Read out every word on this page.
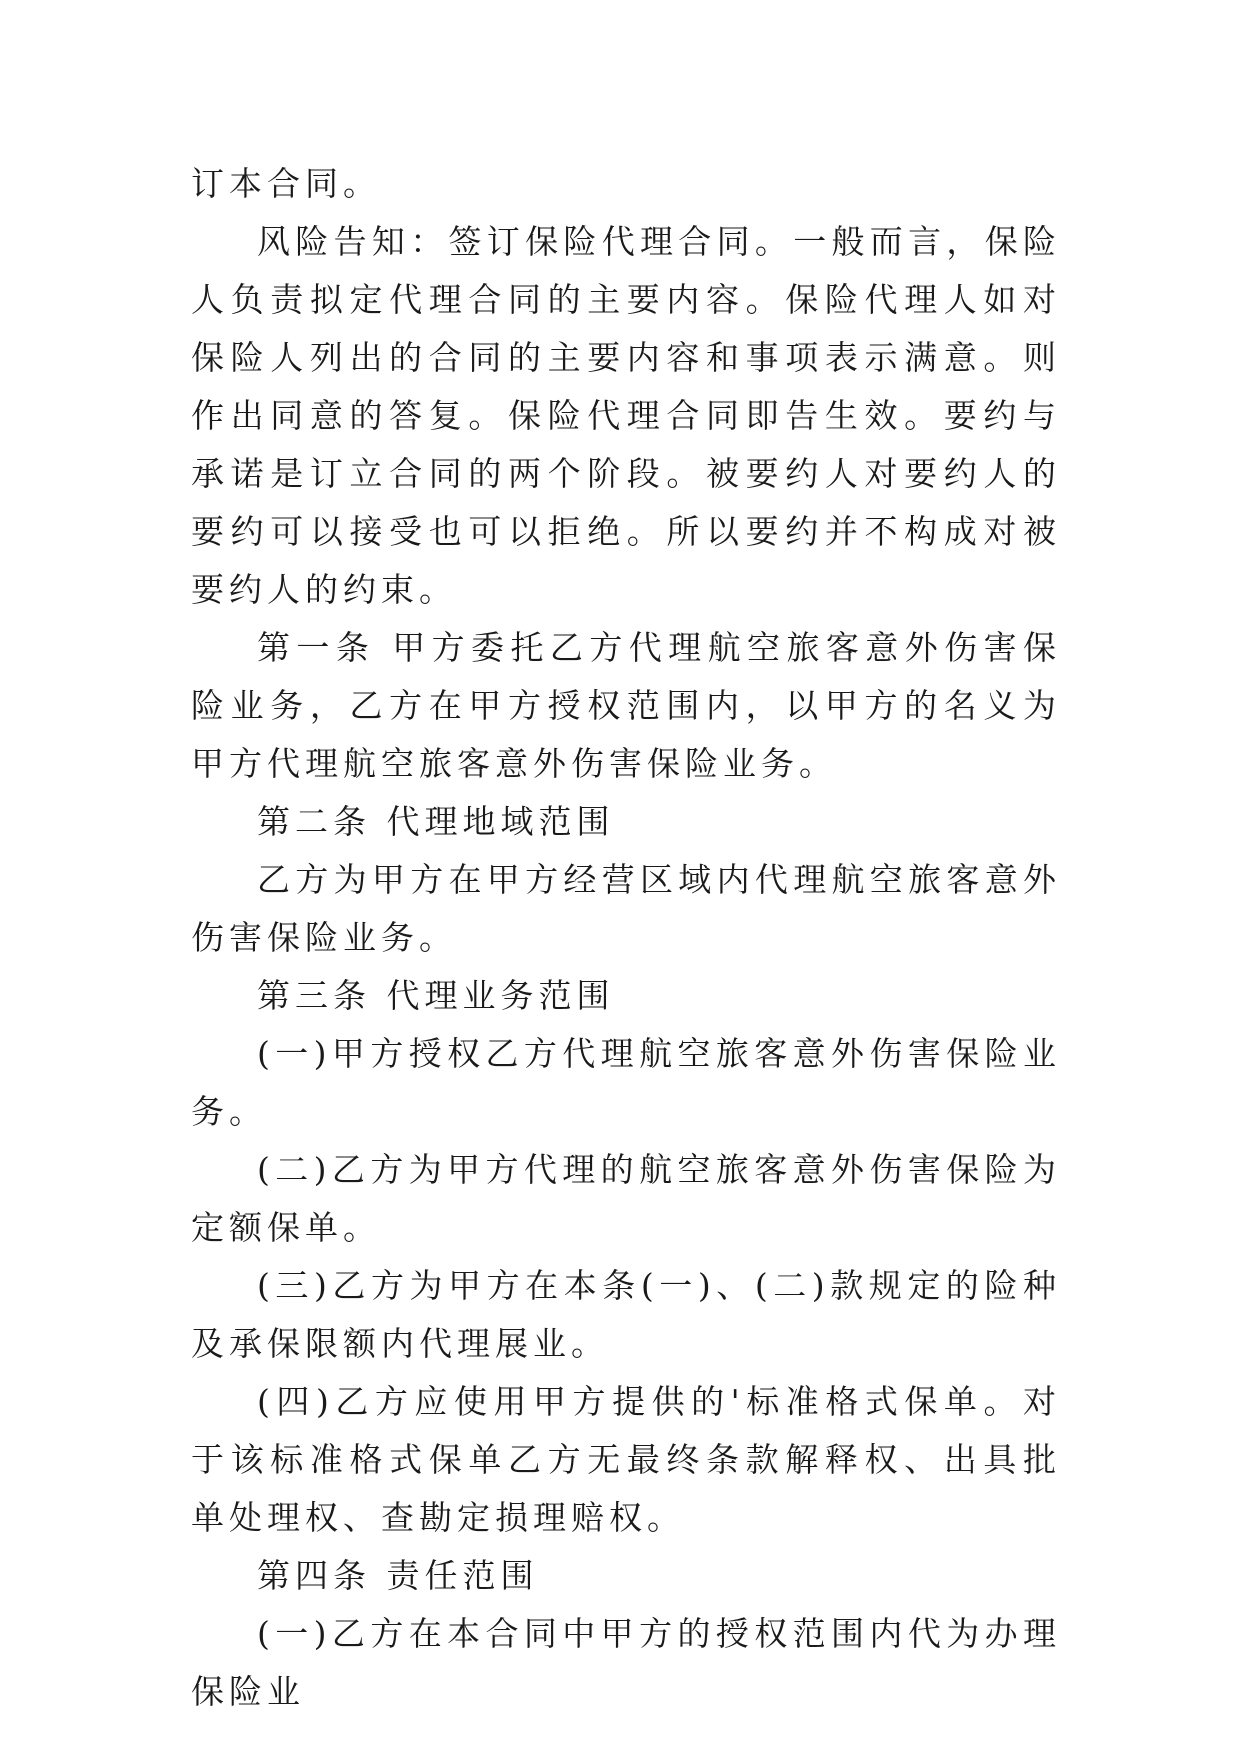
订本合同。

风险告知：签订保险代理合同。一般而言，保险人负责拟定代理合同的主要内容。保险代理人如对保险人列出的合同的主要内容和事项表示满意。则作出同意的答复。保险代理合同即告生效。要约与承诺是订立合同的两个阶段。被要约人对要约人的要约可以接受也可以拒绝。所以要约并不构成对被要约人的约束。

第一条 甲方委托乙方代理航空旅客意外伤害保险业务，乙方在甲方授权范围内，以甲方的名义为甲方代理航空旅客意外伤害保险业务。

第二条 代理地域范围

乙方为甲方在甲方经营区域内代理航空旅客意外伤害保险业务。

第三条 代理业务范围

(一)甲方授权乙方代理航空旅客意外伤害保险业务。

(二)乙方为甲方代理的航空旅客意外伤害保险为定额保单。

(三)乙方为甲方在本条(一)、(二)款规定的险种及承保限额内代理展业。

(四)乙方应使用甲方提供的'标准格式保单。对于该标准格式保单乙方无最终条款解释权、出具批单处理权、查勘定损理赔权。

第四条 责任范围

(一)乙方在本合同中甲方的授权范围内代为办理保险业
